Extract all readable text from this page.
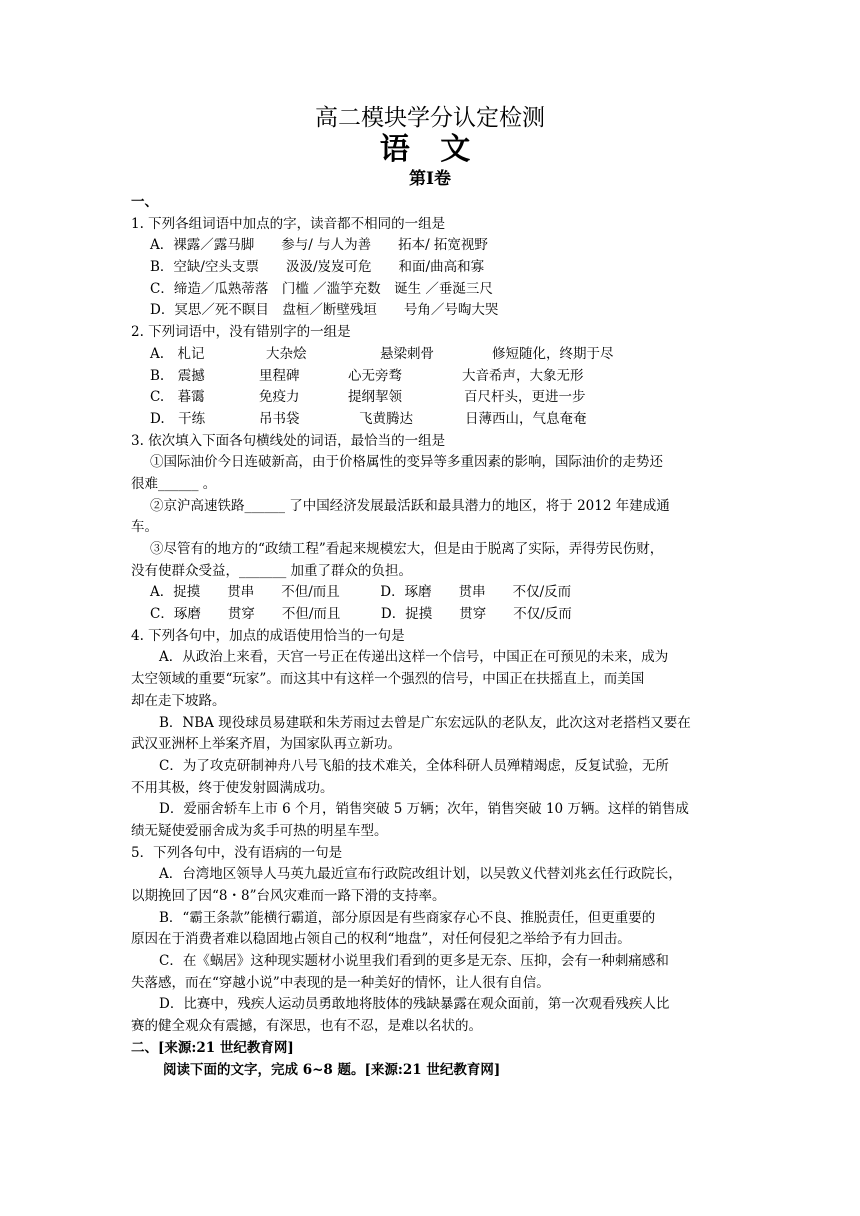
高二模块学分认定检测
语 文
第Ⅰ卷
一、
1. 下列各组词语中加点的字，读音都不相同的一组是
A．裸露／露马脚　　参与/ 与人为善　　拓本/ 拓宽视野
B．空缺/空头支票　　汲汲/岌岌可危　　和面/曲高和寡
C．缔造／瓜熟蒂落　门槛 ／滥竽充数　诞生 ／垂涎三尺
D．冥思／死不瞑目　盘桓／断壁残垣　　号角／号啕大哭
2. 下列词语中，没有错别字的一组是
A.　札记	大杂烩	悬梁刺骨	修短随化，终期于尽
B.　震撼	里程碑	心无旁骛	大音希声，大象无形
C.　暮霭	免疫力	提纲挈领	百尺杆头，更进一步
D.　干练	吊书袋	飞黄腾达	日薄西山，气息奄奄
3. 依次填入下面各句横线处的词语，最恰当的一组是
①国际油价今日连破新高，由于价格属性的变异等多重因素的影响，国际油价的走势还
很难______ 。
②京沪高速铁路______ 了中国经济发展最活跃和最具潜力的地区，将于 2012 年建成通
车。
③尽管有的地方的“政绩工程”看起来规模宏大，但是由于脱离了实际，弄得劳民伤财，
没有使群众受益，_______ 加重了群众的负担。
A．捉摸　　贯串　　不但/而且　　　D．琢磨　　贯串　　不仅/反而
C．琢磨　　贯穿　　不但/而且　　　D．捉摸　　贯穿　　不仅/反而
4. 下列各句中，加点的成语使用恰当的一句是
A．从政治上来看，天宫一号正在传递出这样一个信号，中国正在可预见的未来，成为
太空领域的重要“玩家”。而这其中有这样一个强烈的信号，中国正在扶摇直上，而美国
却在走下坡路。
B．NBA 现役球员易建联和朱芳雨过去曾是广东宏远队的老队友，此次这对老搭档又要在
武汉亚洲杯上举案齐眉，为国家队再立新功。
C．为了攻克研制神舟八号飞船的技术难关，全体科研人员殚精竭虑，反复试验，无所
不用其极，终于使发射圆满成功。
D．爱丽舍轿车上市 6 个月，销售突破 5 万辆；次年，销售突破 10 万辆。这样的销售成
绩无疑使爱丽舍成为炙手可热的明星车型。
5．下列各句中，没有语病的一句是
A．台湾地区领导人马英九最近宣布行政院改组计划，以吴敦义代替刘兆玄任行政院长，
以期挽回了因“8・8”台风灾难而一路下滑的支持率。
B．“霸王条款”能横行霸道，部分原因是有些商家存心不良、推脱责任，但更重要的
原因在于消费者难以稳固地占领自己的权利“地盘”，对任何侵犯之举给予有力回击。
C．在《蜗居》这种现实题材小说里我们看到的更多是无奈、压抑，会有一种刺痛感和
失落感，而在“穿越小说”中表现的是一种美好的情怀，让人很有自信。
D．比赛中，残疾人运动员勇敢地将肢体的残缺暴露在观众面前，第一次观看残疾人比
赛的健全观众有震撼，有深思，也有不忍，是难以名状的。
二、[来源:21 世纪教育网]
阅读下面的文字，完成 6~8 题。[来源:21 世纪教育网]
